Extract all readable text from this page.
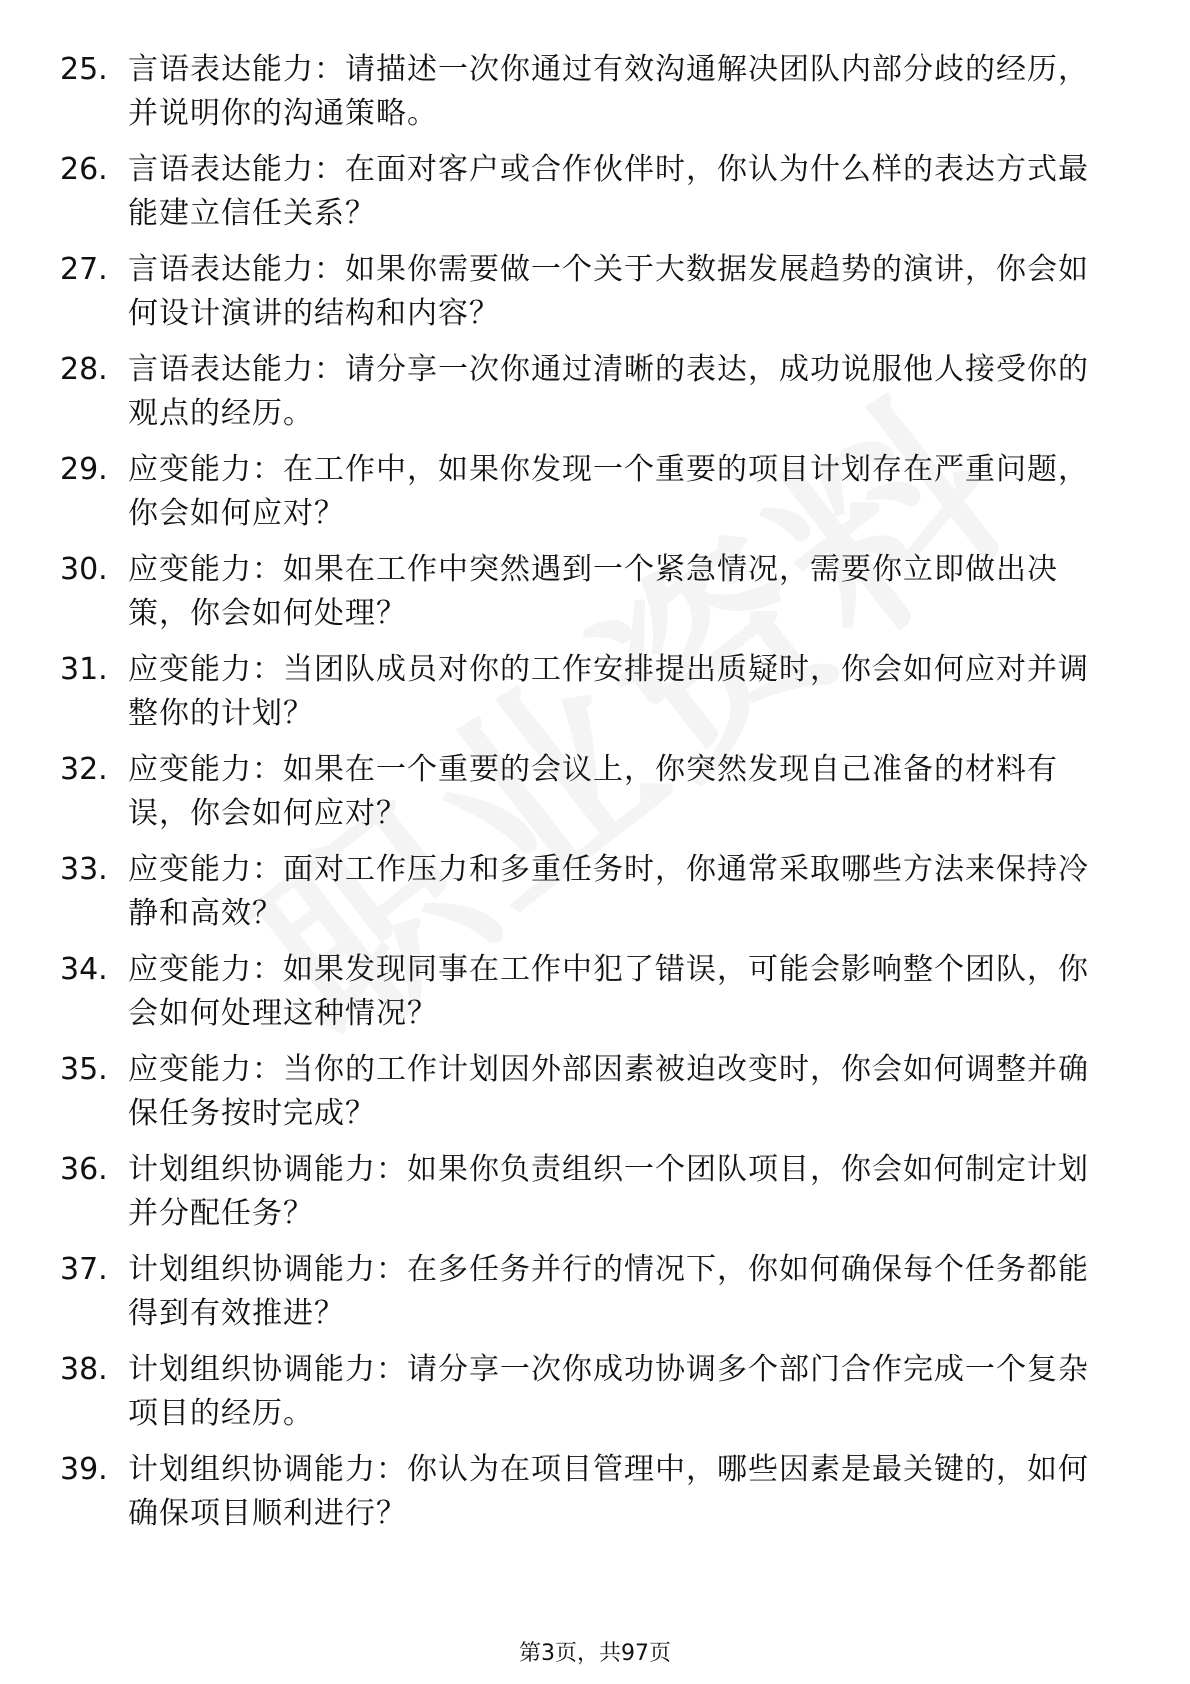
25. 言语表达能力：请描述一次你通过有效沟通解决团队内部分歧的经历，并说明你的沟通策略。
26. 言语表达能力：在面对客户或合作伙伴时，你认为什么样的表达方式最能建立信任关系？
27. 言语表达能力：如果你需要做一个关于大数据发展趋势的演讲，你会如何设计演讲的结构和内容？
28. 言语表达能力：请分享一次你通过清晰的表达，成功说服他人接受你的观点的经历。
29. 应变能力：在工作中，如果你发现一个重要的项目计划存在严重问题，你会如何应对？
30. 应变能力：如果在工作中突然遇到一个紧急情况，需要你立即做出决策，你会如何处理？
31. 应变能力：当团队成员对你的工作安排提出质疑时，你会如何应对并调整你的计划？
32. 应变能力：如果在一个重要的会议上，你突然发现自己准备的材料有误，你会如何应对？
33. 应变能力：面对工作压力和多重任务时，你通常采取哪些方法来保持冷静和高效？
34. 应变能力：如果发现同事在工作中犯了错误，可能会影响整个团队，你会如何处理这种情况？
35. 应变能力：当你的工作计划因外部因素被迫改变时，你会如何调整并确保任务按时完成？
36. 计划组织协调能力：如果你负责组织一个团队项目，你会如何制定计划并分配任务？
37. 计划组织协调能力：在多任务并行的情况下，你如何确保每个任务都能得到有效推进？
38. 计划组织协调能力：请分享一次你成功协调多个部门合作完成一个复杂项目的经历。
39. 计划组织协调能力：你认为在项目管理中，哪些因素是最关键的，如何确保项目顺利进行？
第3页，共97页
